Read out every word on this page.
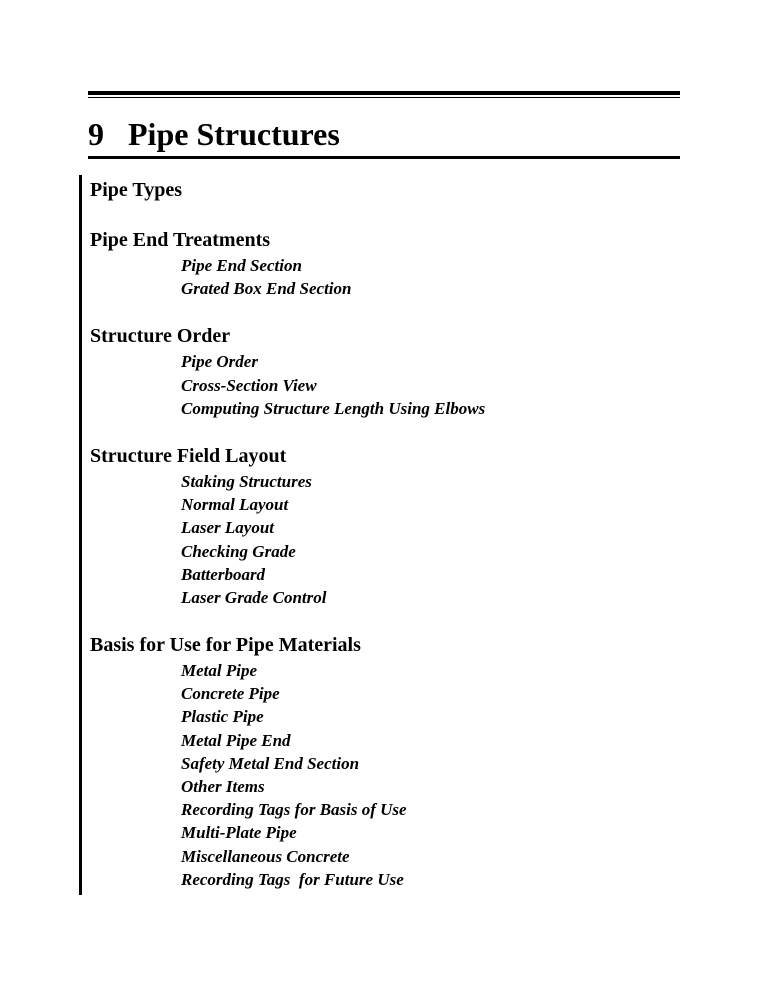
9 Pipe Structures
Pipe Types
Pipe End Treatments
Pipe End Section
Grated Box End Section
Structure Order
Pipe Order
Cross-Section View
Computing Structure Length Using Elbows
Structure Field Layout
Staking Structures
Normal Layout
Laser Layout
Checking Grade
Batterboard
Laser Grade Control
Basis for Use for Pipe Materials
Metal Pipe
Concrete Pipe
Plastic Pipe
Metal Pipe End
Safety Metal End Section
Other Items
Recording Tags for Basis of Use
Multi-Plate Pipe
Miscellaneous Concrete
Recording Tags  for Future Use
